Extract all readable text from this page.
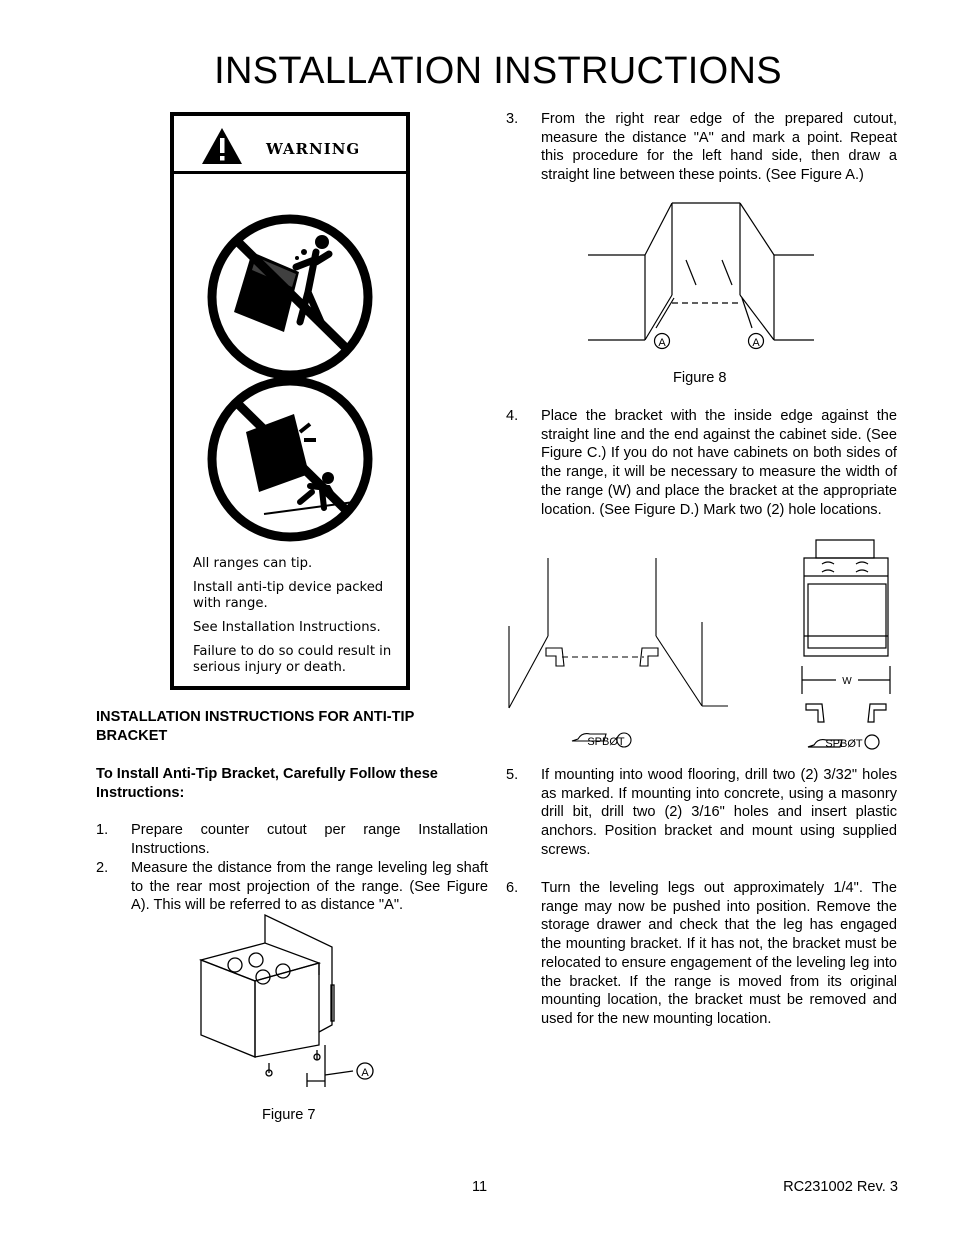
INSTALLATION INSTRUCTIONS
WARNING
All ranges can tip.
Install anti-tip device packed
with range.
See Installation Instructions.
Failure to do so could result in
serious injury or death.
INSTALLATION INSTRUCTIONS FOR ANTI-TIP
BRACKET
To Install Anti-Tip Bracket, Carefully Follow these
Instructions:
1. Prepare counter cutout per range Installation Instructions.
2. Measure the distance from the range leveling leg shaft to the rear most projection of the range. (See Figure A). This will be referred to as distance "A".
A
Figure 7
3. From the right rear edge of the prepared cutout, measure the distance "A" and mark a point. Repeat this procedure for the left hand side, then draw a straight line between these points. (See Figure A.)
A	A
Figure 8
4. Place the bracket with the inside edge against the straight line and the end against the cabinet side. (See Figure C.) If you do not have cabinets on both sides of the range, it will be necessary to measure the width of the range (W) and place the bracket at the appropriate location. (See Figure D.) Mark two (2) hole locations.
SPBØT
W
SPBØT
5. If mounting into wood flooring, drill two (2) 3/32" holes as marked. If mounting into concrete, using a masonry drill bit, drill two (2) 3/16" holes and insert plastic anchors. Position bracket and mount using supplied screws.
6. Turn the leveling legs out approximately 1/4". The range may now be pushed into position. Remove the storage drawer and check that the leg has engaged the mounting bracket. If it has not, the bracket must be relocated to ensure engagement of the leveling leg into the bracket. If the range is moved from its original mounting location, the bracket must be removed and used for the new mounting location.
11	RC231002 Rev. 3
